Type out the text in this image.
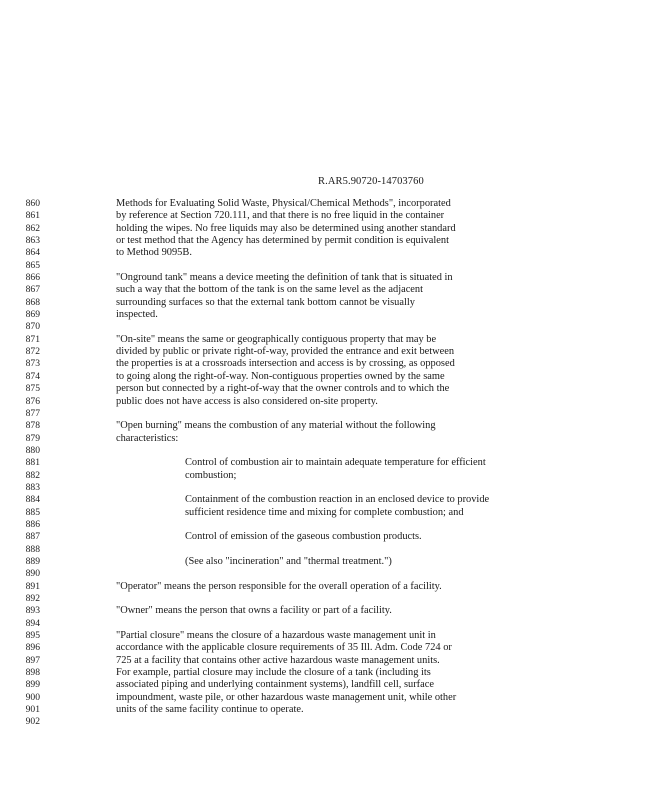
R.AR5.90720-14703760
860	Methods for Evaluating Solid Waste, Physical/Chemical Methods", incorporated
861	by reference at Section 720.111, and that there is no free liquid in the container
862	holding the wipes. No free liquids may also be determined using another standard
863	or test method that the Agency has determined by permit condition is equivalent
864	to Method 9095B.
865
866	"Onground tank" means a device meeting the definition of tank that is situated in
867	such a way that the bottom of the tank is on the same level as the adjacent
868	surrounding surfaces so that the external tank bottom cannot be visually
869	inspected.
870
871	"On-site" means the same or geographically contiguous property that may be
872	divided by public or private right-of-way, provided the entrance and exit between
873	the properties is at a crossroads intersection and access is by crossing, as opposed
874	to going along the right-of-way. Non-contiguous properties owned by the same
875	person but connected by a right-of-way that the owner controls and to which the
876	public does not have access is also considered on-site property.
877
878	"Open burning" means the combustion of any material without the following
879	characteristics:
880
881	Control of combustion air to maintain adequate temperature for efficient
882	combustion;
883
884	Containment of the combustion reaction in an enclosed device to provide
885	sufficient residence time and mixing for complete combustion; and
886
887	Control of emission of the gaseous combustion products.
888
889	(See also "incineration" and "thermal treatment.")
890
891	"Operator" means the person responsible for the overall operation of a facility.
892
893	"Owner" means the person that owns a facility or part of a facility.
894
895	"Partial closure" means the closure of a hazardous waste management unit in
896	accordance with the applicable closure requirements of 35 Ill. Adm. Code 724 or
897	725 at a facility that contains other active hazardous waste management units.
898	For example, partial closure may include the closure of a tank (including its
899	associated piping and underlying containment systems), landfill cell, surface
900	impoundment, waste pile, or other hazardous waste management unit, while other
901	units of the same facility continue to operate.
902
